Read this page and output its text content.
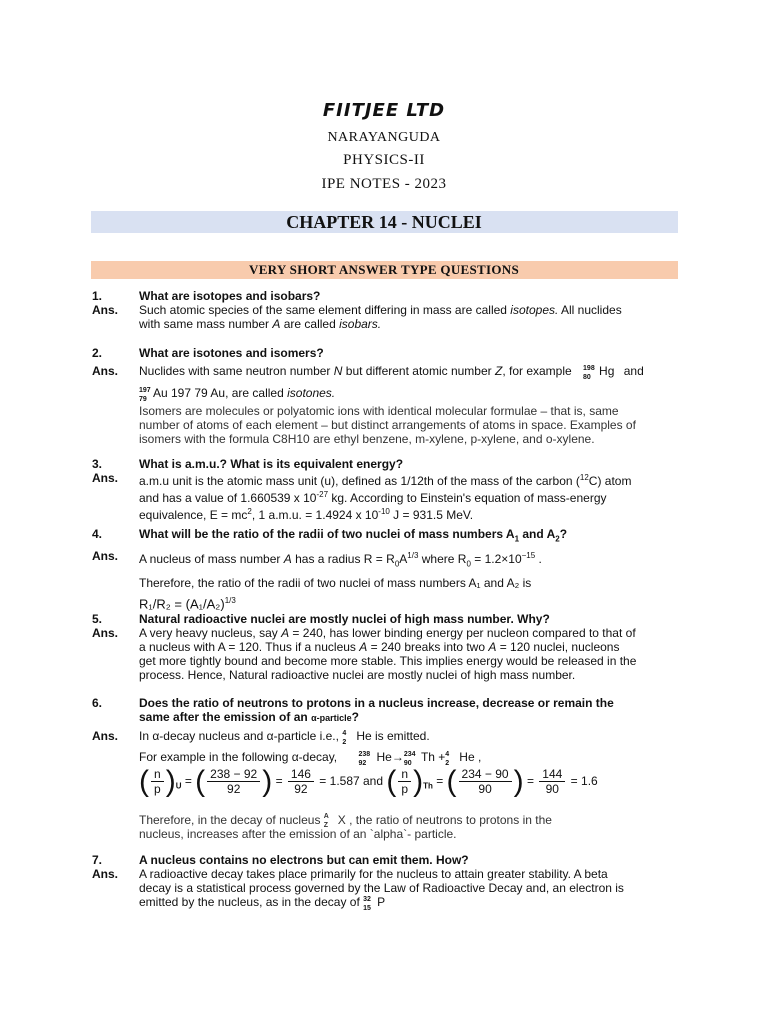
FIITJEE LTD
NARAYANGUDA
PHYSICS-II
IPE NOTES - 2023
CHAPTER 14 - NUCLEI
VERY SHORT ANSWER TYPE QUESTIONS
1.	What are isotopes and isobars?
Ans. Such atomic species of the same element differing in mass are called isotopes. All nuclides
with same mass number A are called isobars.
2.	What are isotones and isomers?
Ans. Nuclides with same neutron number N but different atomic number Z, for example 198
80 Hg and
197
79 Au 197 79 Au, are called isotones.
Isomers are molecules or polyatomic ions with identical molecular formulae – that is, same
number of atoms of each element – but distinct arrangements of atoms in space. Examples of
isomers with the formula C8H10 are ethyl benzene, m-xylene, p-xylene, and o-xylene.
3.	What is a.m.u.? What is its equivalent energy?
Ans. a.m.u unit is the atomic mass unit (u), defined as 1/12th of the mass of the carbon ($^{12}$C) atom
and has a value of 1.660539 x $10^{-27}$ kg. According to Einstein's equation of mass-energy
equivalence, $E = mc^2$, 1 a.m.u. = 1.4924 x $10^{-10}$ J = 931.5 MeV.
4.	What will be the ratio of the radii of two nuclei of mass numbers $A_1$ and $A_2$?
Ans. A nucleus of mass number A has a radius $R = R_0A^{1/3}$ where $R_0 = 1.2\times 10^{-15}$ .
Therefore, the ratio of the radii of two nuclei of mass numbers A₁ and A₂ is
$R_1/R_2 = (A_1/A_2)^{1/3}$
5.	Natural radioactive nuclei are mostly nuclei of high mass number. Why?
Ans. A very heavy nucleus, say A = 240, has lower binding energy per nucleon compared to that of
a nucleus with A = 120. Thus if a nucleus A = 240 breaks into two A = 120 nuclei, nucleons
get more tightly bound and become more stable. This implies energy would be released in the
process. Hence, Natural radioactive nuclei are mostly nuclei of high mass number.
6.	Does the ratio of neutrons to protons in a nucleus increase, decrease or remain the
same after the emission of an α-particle?
Ans. In α-decay nucleus and α-particle i.e., 4
2 He is emitted.
For example in the following α-decay,	238
92 He→ 234
90 Th + 4
2 He ,
( $\frac{n}{p} )_U$ = ( $\frac{238 - 92}{92}$ ) = $\frac{146}{92} = 1.587$ and ( $\frac{n}{p} )_{Th}$ = ( $\frac{234 - 90}{90}$ ) = $\frac{144}{90} = 1.6$
Therefore, in the decay of nucleus A
Z X , the ratio of neutrons to protons in the
nucleus, increases after the emission of an `alpha`- particle.
7.	A nucleus contains no electrons but can emit them. How?
Ans. A radioactive decay takes place primarily for the nucleus to attain greater stability. A beta
decay is a statistical process governed by the Law of Radioactive Decay and, an electron is
emitted by the nucleus, as in the decay of 32
15 P
